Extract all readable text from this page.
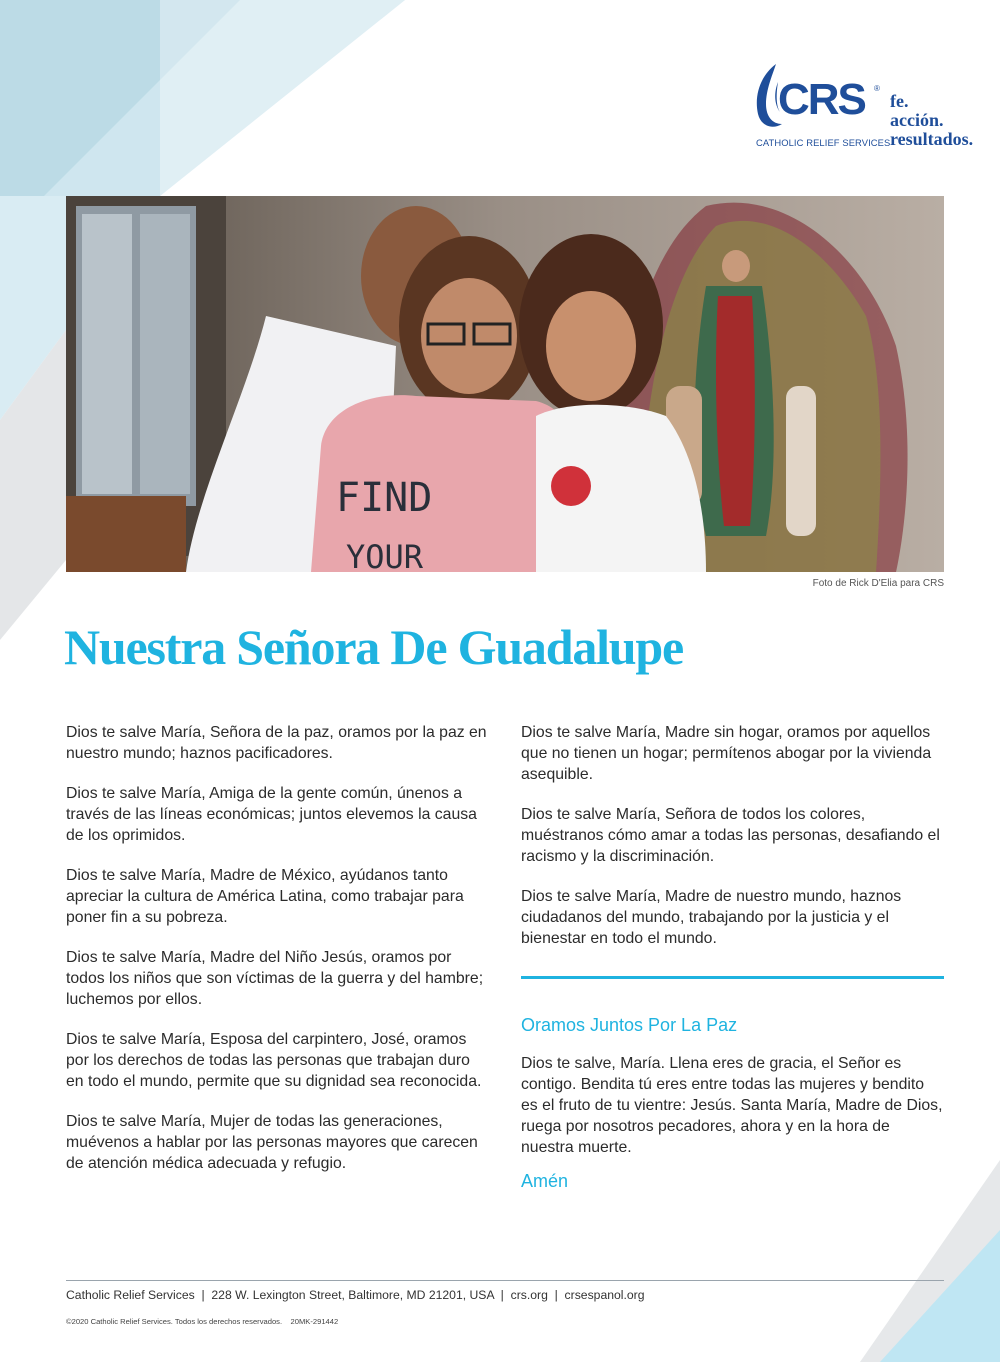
CRS ®
CATHOLIC RELIEF SERVICES
fe.
acción.
resultados.
FIND
YOUR
Foto de Rick D'Elia para CRS
Nuestra Señora De Guadalupe

Dios te salve María, Señora de la paz, oramos por la paz en nuestro mundo; haznos pacificadores.

Dios te salve María, Amiga de la gente común, únenos a través de las líneas económicas; juntos elevemos la causa de los oprimidos.

Dios te salve María, Madre de México, ayúdanos tanto apreciar la cultura de América Latina, como trabajar para poner fin a su pobreza.

Dios te salve María, Madre del Niño Jesús, oramos por todos los niños que son víctimas de la guerra y del hambre; luchemos por ellos.

Dios te salve María, Esposa del carpintero, José, oramos por los derechos de todas las personas que trabajan duro en todo el mundo, permite que su dignidad sea reconocida.

Dios te salve María, Mujer de todas las generaciones, muévenos a hablar por las personas mayores que carecen de atención médica adecuada y refugio.

Dios te salve María, Madre sin hogar, oramos por aquellos que no tienen un hogar; permítenos abogar por la vivienda asequible.

Dios te salve María, Señora de todos los colores, muéstranos cómo amar a todas las personas, desafiando el racismo y la discriminación.

Dios te salve María, Madre de nuestro mundo, haznos ciudadanos del mundo, trabajando por la justicia y el bienestar en todo el mundo.

Oramos Juntos Por La Paz

Dios te salve, María. Llena eres de gracia, el Señor es contigo. Bendita tú eres entre todas las mujeres y bendito es el fruto de tu vientre: Jesús. Santa María, Madre de Dios, ruega por nosotros pecadores, ahora y en la hora de nuestra muerte.

Amén
Catholic Relief Services  |  228 W. Lexington Street, Baltimore, MD 21201, USA  |  crs.org  |  crsespanol.org
©2020 Catholic Relief Services. Todos los derechos reservados.    20MK-291442
